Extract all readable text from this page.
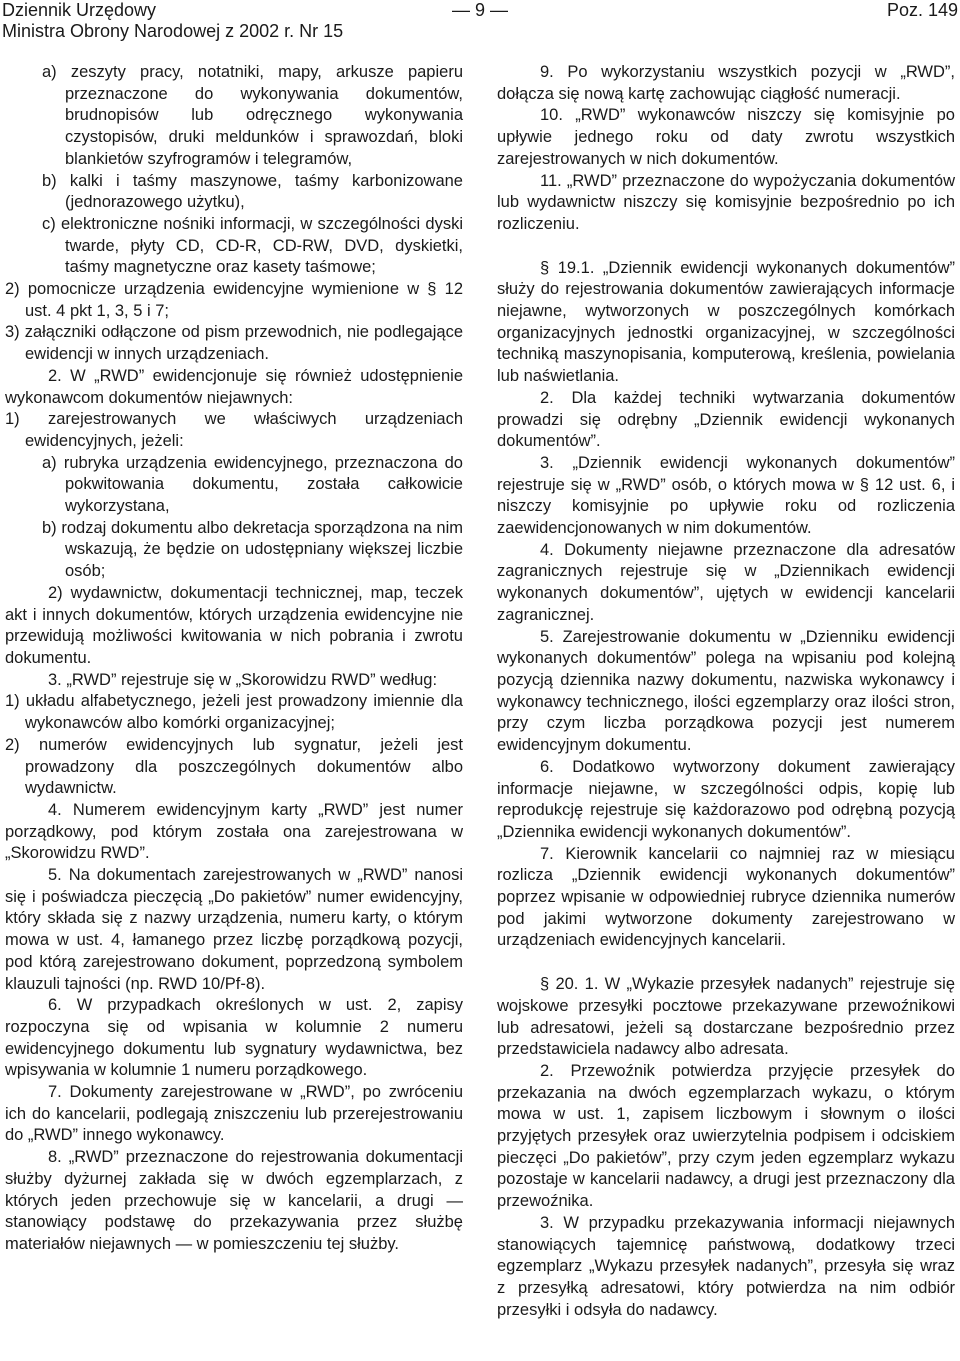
Dziennik Urzędowy
Ministra Obrony Narodowej z 2002 r. Nr 15
— 9 —	Poz. 149

a) zeszyty pracy, notatniki, mapy, arkusze papieru przeznaczone do wykonywania dokumentów, brudnopisów lub odręcznego wykonywania czystopisów, druki meldunków i sprawozdań, bloki blankietów szyfrogramów i telegramów,

b) kalki i taśmy maszynowe, taśmy karbonizowane (jednorazowego użytku),

c) elektroniczne nośniki informacji, w szczególności dyski twarde, płyty CD, CD-R, CD-RW, DVD, dyskietki, taśmy magnetyczne oraz kasety taśmowe;

2) pomocnicze urządzenia ewidencyjne wymienione w § 12 ust. 4 pkt 1, 3, 5 i 7;

3) załączniki odłączone od pism przewodnich, nie podlegające ewidencji w innych urządzeniach.

2. W „RWD” ewidencjonuje się również udostępnienie wykonawcom dokumentów niejawnych:

1) zarejestrowanych we właściwych urządzeniach ewidencyjnych, jeżeli:

a) rubryka urządzenia ewidencyjnego, przeznaczona do pokwitowania dokumentu, została całkowicie wykorzystana,

b) rodzaj dokumentu albo dekretacja sporządzona na nim wskazują, że będzie on udostępniany większej liczbie osób;

2) wydawnictw, dokumentacji technicznej, map, teczek akt i innych dokumentów, których urządzenia ewidencyjne nie przewidują możliwości kwitowania w nich pobrania i zwrotu dokumentu.

3. „RWD” rejestruje się w „Skorowidzu RWD” według:

1) układu alfabetycznego, jeżeli jest prowadzony imiennie dla wykonawców albo komórki organizacyjnej;

2) numerów ewidencyjnych lub sygnatur, jeżeli jest prowadzony dla poszczególnych dokumentów albo wydawnictw.

4. Numerem ewidencyjnym karty „RWD” jest numer porządkowy, pod którym została ona zarejestrowana w „Skorowidzu RWD”.

5. Na dokumentach zarejestrowanych w „RWD” nanosi się i poświadcza pieczęcią „Do pakietów” numer ewidencyjny, który składa się z nazwy urządzenia, numeru karty, o którym mowa w ust. 4, łamanego przez liczbę porządkową pozycji, pod którą zarejestrowano dokument, poprzedzoną symbolem klauzuli tajności (np. RWD 10/Pf-8).

6. W przypadkach określonych w ust. 2, zapisy rozpoczyna się od wpisania w kolumnie 2 numeru ewidencyjnego dokumentu lub sygnatury wydawnictwa, bez wpisywania w kolumnie 1 numeru porządkowego.

7. Dokumenty zarejestrowane w „RWD”, po zwróceniu ich do kancelarii, podlegają zniszczeniu lub przerejestrowaniu do „RWD” innego wykonawcy.

8. „RWD” przeznaczone do rejestrowania dokumentacji służby dyżurnej zakłada się w dwóch egzemplarzach, z których jeden przechowuje się w kancelarii, a drugi — stanowiący podstawę do przekazywania przez służbę materiałów niejawnych — w pomieszczeniu tej służby.

9. Po wykorzystaniu wszystkich pozycji w „RWD”, dołącza się nową kartę zachowując ciągłość numeracji.

10. „RWD” wykonawców niszczy się komisyjnie po upływie jednego roku od daty zwrotu wszystkich zarejestrowanych w nich dokumentów.

11. „RWD” przeznaczone do wypożyczania dokumentów lub wydawnictw niszczy się komisyjnie bezpośrednio po ich rozliczeniu.

§ 19.1. „Dziennik ewidencji wykonanych dokumentów” służy do rejestrowania dokumentów zawierających informacje niejawne, wytworzonych w poszczególnych komórkach organizacyjnych jednostki organizacyjnej, w szczególności techniką maszynopisania, komputerową, kreślenia, powielania lub naświetlania.

2. Dla każdej techniki wytwarzania dokumentów prowadzi się odrębny „Dziennik ewidencji wykonanych dokumentów”.

3. „Dziennik ewidencji wykonanych dokumentów” rejestruje się w „RWD” osób, o których mowa w § 12 ust. 6, i niszczy komisyjnie po upływie roku od rozliczenia zaewidencjonowanych w nim dokumentów.

4. Dokumenty niejawne przeznaczone dla adresatów zagranicznych rejestruje się w „Dziennikach ewidencji wykonanych dokumentów”, ujętych w ewidencji kancelarii zagranicznej.

5. Zarejestrowanie dokumentu w „Dzienniku ewidencji wykonanych dokumentów” polega na wpisaniu pod kolejną pozycją dziennika nazwy dokumentu, nazwiska wykonawcy i wykonawcy technicznego, ilości egzemplarzy oraz ilości stron, przy czym liczba porządkowa pozycji jest numerem ewidencyjnym dokumentu.

6. Dodatkowo wytworzony dokument zawierający informacje niejawne, w szczególności odpis, kopię lub reprodukcję rejestruje się każdorazowo pod odrębną pozycją „Dziennika ewidencji wykonanych dokumentów”.

7. Kierownik kancelarii co najmniej raz w miesiącu rozlicza „Dziennik ewidencji wykonanych dokumentów” poprzez wpisanie w odpowiedniej rubryce dziennika numerów pod jakimi wytworzone dokumenty zarejestrowano w urządzeniach ewidencyjnych kancelarii.

§ 20. 1. W „Wykazie przesyłek nadanych” rejestruje się wojskowe przesyłki pocztowe przekazywane przewoźnikowi lub adresatowi, jeżeli są dostarczane bezpośrednio przez przedstawiciela nadawcy albo adresata.

2. Przewoźnik potwierdza przyjęcie przesyłek do przekazania na dwóch egzemplarzach wykazu, o którym mowa w ust. 1, zapisem liczbowym i słownym o ilości przyjętych przesyłek oraz uwierzytelnia podpisem i odciskiem pieczęci „Do pakietów”, przy czym jeden egzemplarz wykazu pozostaje w kancelarii nadawcy, a drugi jest przeznaczony dla przewoźnika.

3. W przypadku przekazywania informacji niejawnych stanowiących tajemnicę państwową, dodatkowy trzeci egzemplarz „Wykazu przesyłek nadanych”, przesyła się wraz z przesyłką adresatowi, który potwierdza na nim odbiór przesyłki i odsyła do nadawcy.
